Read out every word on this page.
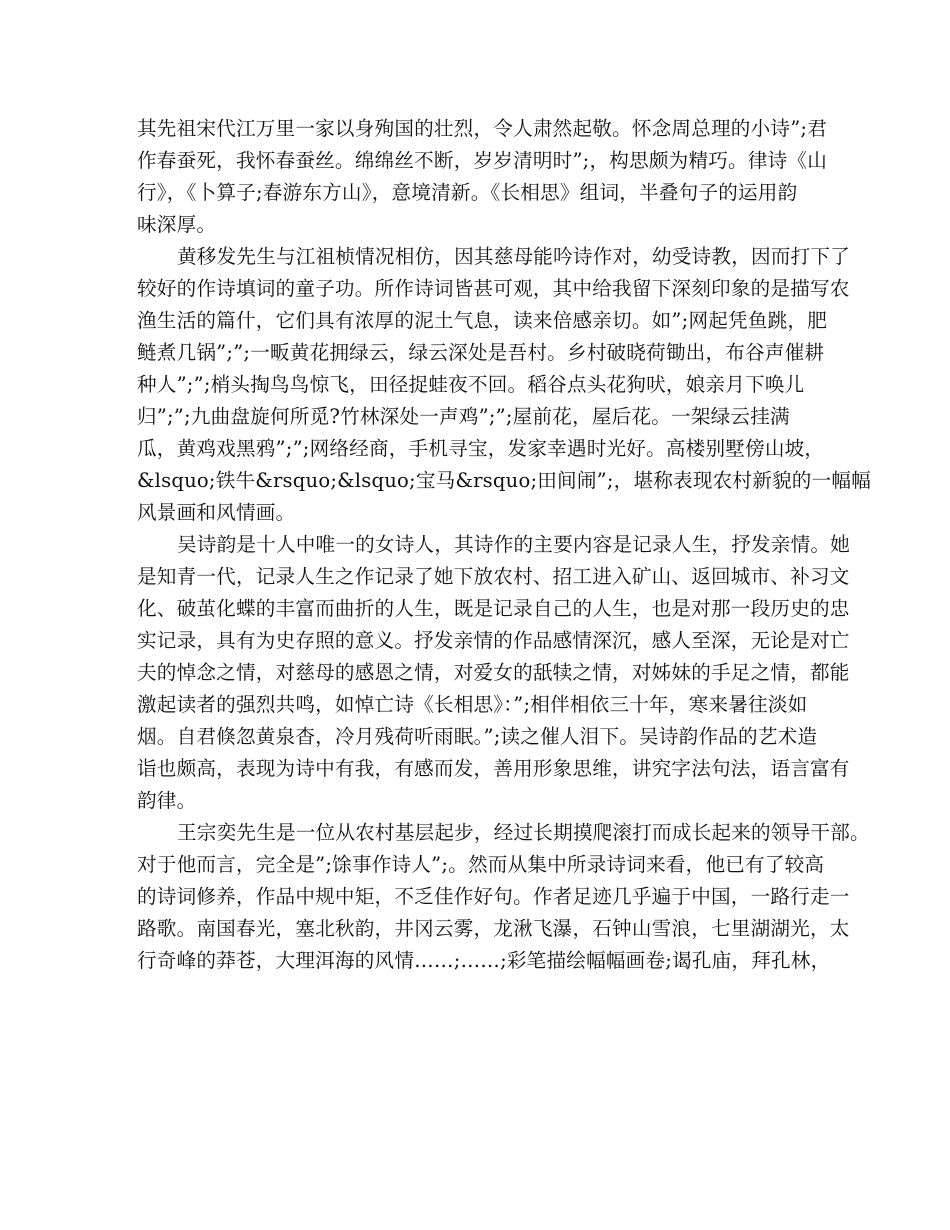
其先祖宋代江万里一家以身殉国的壮烈，令人肃然起敬。怀念周总理的小诗”;君
作春蚕死，我怀春蚕丝。绵绵丝不断，岁岁清明时”;，构思颇为精巧。律诗《山
行》，《卜算子;春游东方山》，意境清新。《长相思》组词，半叠句子的运用韵
味深厚。
黄移发先生与江祖桢情况相仿，因其慈母能吟诗作对，幼受诗教，因而打下了
较好的作诗填词的童子功。所作诗词皆甚可观，其中给我留下深刻印象的是描写农
渔生活的篇什，它们具有浓厚的泥土气息，读来倍感亲切。如”;网起凭鱼跳，肥
鲢煮几锅”;”;一畈黄花拥绿云，绿云深处是吾村。乡村破晓荷锄出，布谷声催耕
种人”;”;梢头掏鸟鸟惊飞，田径捉蛙夜不回。稻谷点头花狗吠，娘亲月下唤儿
归”;”;九曲盘旋何所觅?竹林深处一声鸡”;”;屋前花，屋后花。一架绿云挂满
瓜，黄鸡戏黑鸦”;”;网络经商，手机寻宝，发家幸遇时光好。高楼别墅傍山坡，
&lsquo;铁牛&rsquo;&lsquo;宝马&rsquo;田间闹”;，堪称表现农村新貌的一幅幅
风景画和风情画。
吴诗韵是十人中唯一的女诗人，其诗作的主要内容是记录人生，抒发亲情。她
是知青一代，记录人生之作记录了她下放农村、招工进入矿山、返回城市、补习文
化、破茧化蝶的丰富而曲折的人生，既是记录自己的人生，也是对那一段历史的忠
实记录，具有为史存照的意义。抒发亲情的作品感情深沉，感人至深，无论是对亡
夫的悼念之情，对慈母的感恩之情，对爱女的舐犊之情，对姊妹的手足之情，都能
激起读者的强烈共鸣，如悼亡诗《长相思》：”;相伴相依三十年，寒来暑往淡如
烟。自君倏忽黄泉杳，冷月残荷听雨眠。”;读之催人泪下。吴诗韵作品的艺术造
诣也颇高，表现为诗中有我，有感而发，善用形象思维，讲究字法句法，语言富有
韵律。
王宗奕先生是一位从农村基层起步，经过长期摸爬滚打而成长起来的领导干部。
对于他而言，完全是”;馀事作诗人”;。然而从集中所录诗词来看，他已有了较高
的诗词修养，作品中规中矩，不乏佳作好句。作者足迹几乎遍于中国，一路行走一
路歌。南国春光，塞北秋韵，井冈云雾，龙湫飞瀑，石钟山雪浪，七里湖湖光，太
行奇峰的莽苍，大理洱海的风情……;……;彩笔描绘幅幅画卷;谒孔庙，拜孔林，
